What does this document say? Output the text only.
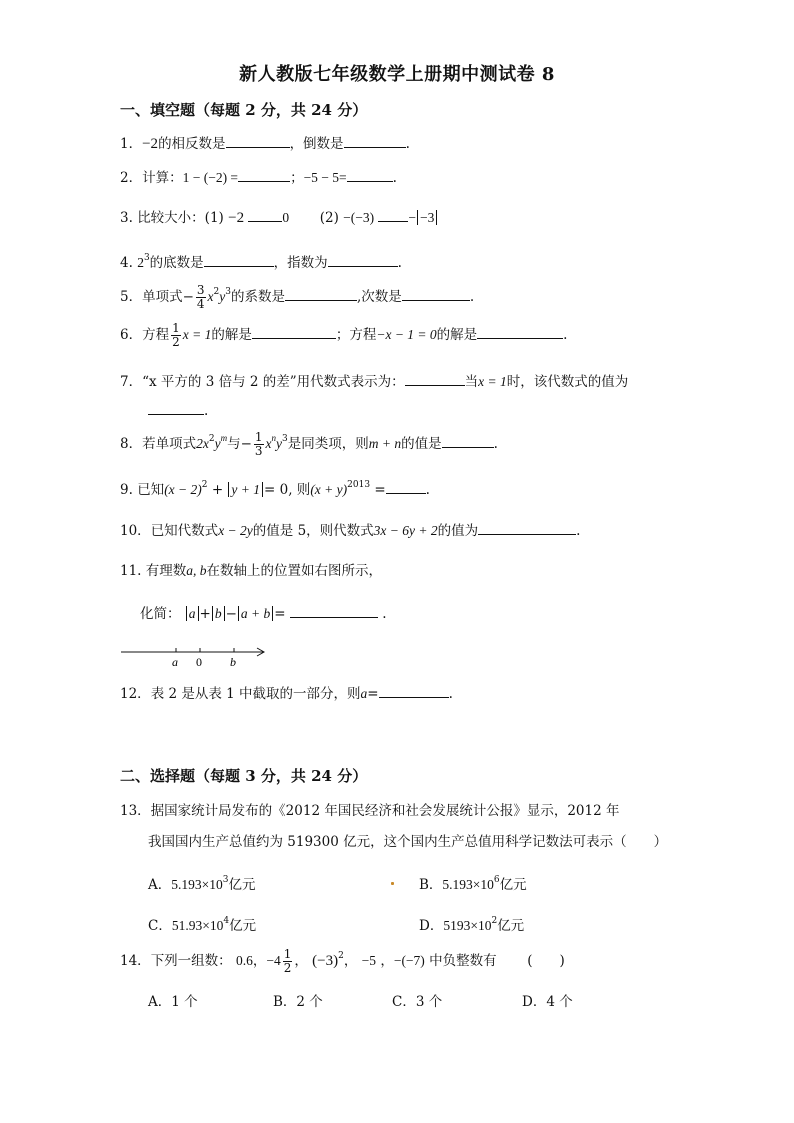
新人教版七年级数学上册期中测试卷 8
一、填空题（每题 2 分，共 24 分）
1．−2的相反数是	，倒数是	.
2．计算：1 − (−2) =	；−5 − 5=	.
3. 比较大小：(1) −2	0 (2) −(−3)	− −3
4. $2^3$的底数是	，指数为	.
5．单项式− $\frac{3}{4} x^2y^3$的系数是	,次数是	.
6．方程 $\frac{1}{2}$ x = 1的解是	；方程−x − 1 = 0的解是	.
7．“x 平方的 3 倍与 2 的差”用代数式表示为：	当x = 1时，该代数式的值为
.
8．若单项式$2x^2y^m$与− $\frac{1}{3} x^ny^3$是同类项，则m + n的值是	.
9. 已知$(x - 2)^2 + y + 1 = 0$, 则$(x + y)^{2013}$ =	.
10．已知代数式x − 2y的值是 5，则代数式3x − 6y + 2的值为	.
11. 有理数a, b在数轴上的位置如右图所示，
化简： a + b − a + b =	.
a 0 b
12．表 2 是从表 1 中截取的一部分，则a=	.
二、选择题（每题 3 分，共 24 分）
13．据国家统计局发布的《2012 年国民经济和社会发展统计公报》显示，2012 年
我国国内生产总值约为 519300 亿元，这个国内生产总值用科学记数法可表示（　　）
A．$5.193\times 10^3$亿元	B．$5.193\times 10^6$亿元
C．$51.93\times 10^4$亿元	D．$5193\times 10^2$亿元
14．下列一组数： 0.6，$-4 \frac{1}{2}$ ， $(-3)^2$， −5 ，−(−7) 中负整数有 (　　)
A．1 个	B．2 个	C．3 个	D．4 个
